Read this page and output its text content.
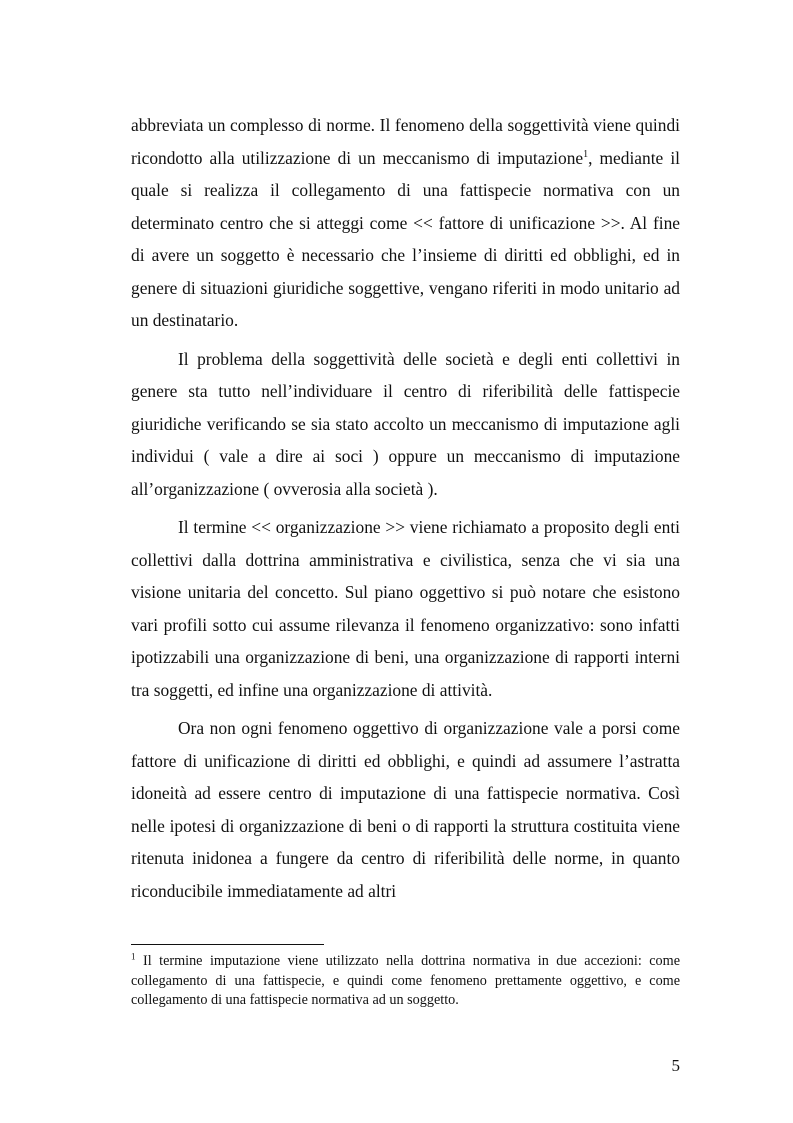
abbreviata un complesso di norme. Il fenomeno della soggettività viene quindi ricondotto alla utilizzazione di un meccanismo di imputazione$^1$, mediante il quale si realizza il collegamento di una fattispecie normativa con un determinato centro che si atteggi come << fattore di unificazione >>. Al fine di avere un soggetto è necessario che l’insieme di diritti ed obblighi, ed in genere di situazioni giuridiche soggettive, vengano riferiti in modo unitario ad un destinatario.

Il problema della soggettività delle società e degli enti collettivi in genere sta tutto nell’individuare il centro di riferibilità delle fattispecie giuridiche verificando se sia stato accolto un meccanismo di imputazione agli individui ( vale a dire ai soci ) oppure un meccanismo di imputazione all’organizzazione ( ovverosia alla società ).

Il termine << organizzazione >> viene richiamato a proposito degli enti collettivi dalla dottrina amministrativa e civilistica, senza che vi sia una visione unitaria del concetto. Sul piano oggettivo si può notare che esistono vari profili sotto cui assume rilevanza il fenomeno organizzativo: sono infatti ipotizzabili una organizzazione di beni, una organizzazione di rapporti interni tra soggetti, ed infine una organizzazione di attività.

Ora non ogni fenomeno oggettivo di organizzazione vale a porsi come fattore di unificazione di diritti ed obblighi, e quindi ad assumere l’astratta idoneità ad essere centro di imputazione di una fattispecie normativa. Così nelle ipotesi di organizzazione di beni o di rapporti la struttura costituita viene ritenuta inidonea a fungere da centro di riferibilità delle norme, in quanto riconducibile immediatamente ad altri

$^1$ Il termine imputazione viene utilizzato nella dottrina normativa in due accezioni: come collegamento di una fattispecie, e quindi come fenomeno prettamente oggettivo, e come collegamento di una fattispecie normativa ad un soggetto.
5
